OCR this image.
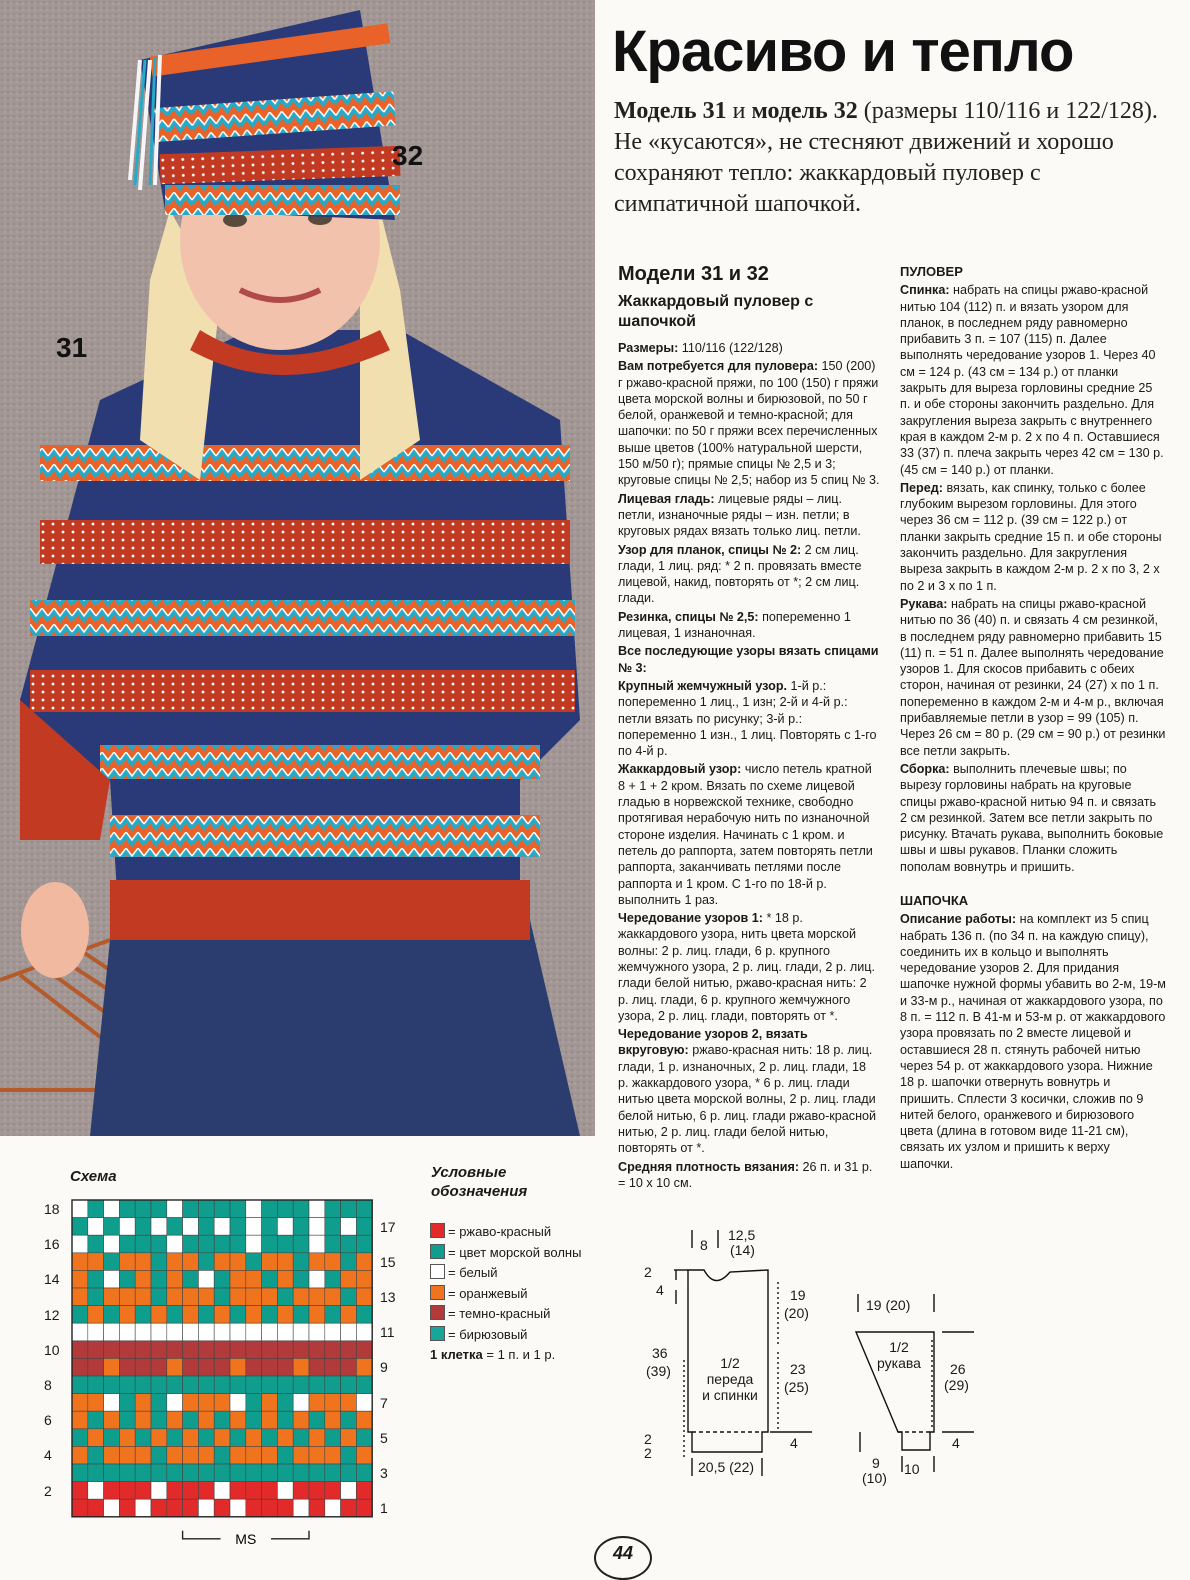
31
32
Красиво и тепло
Модель 31 и модель 32 (размеры 110/116 и 122/128). Не «кусаются», не стесняют движений и хорошо сохраняют тепло: жаккардовый пуловер с симпатичной шапочкой.

Модели 31 и 32

Жаккардовый пуловер с шапочкой

Размеры: 110/116 (122/128)

Вам потребуется для пуловера: 150 (200) г ржаво-красной пряжи, по 100 (150) г пряжи цвета морской волны и бирюзовой, по 50 г белой, оранжевой и темно-красной; для шапочки: по 50 г пряжи всех перечисленных выше цветов (100% натуральной шерсти, 150 м/50 г); прямые спицы № 2,5 и 3; круговые спицы № 2,5; набор из 5 спиц № 3.

Лицевая гладь: лицевые ряды – лиц. петли, изнаночные ряды – изн. петли; в круговых рядах вязать только лиц. петли.

Узор для планок, спицы № 2: 2 см лиц. глади, 1 лиц. ряд: * 2 п. провязать вместе лицевой, накид, повторять от *; 2 см лиц. глади.

Резинка, спицы № 2,5: попеременно 1 лицевая, 1 изнаночная.

Все последующие узоры вязать спицами № 3:

Крупный жемчужный узор. 1-й р.: попеременно 1 лиц., 1 изн; 2-й и 4-й р.: петли вязать по рисунку; 3-й р.: попеременно 1 изн., 1 лиц. Повторять с 1-го по 4-й р.

Жаккардовый узор: число петель кратной 8 + 1 + 2 кром. Вязать по схеме лицевой гладью в норвежской технике, свободно протягивая нерабочую нить по изнаночной стороне изделия. Начинать с 1 кром. и петель до раппорта, затем повторять петли раппорта, заканчивать петлями после раппорта и 1 кром. С 1-го по 18-й р. выполнить 1 раз.

Чередование узоров 1: * 18 р. жаккардового узора, нить цвета морской волны: 2 р. лиц. глади, 6 р. крупного жемчужного узора, 2 р. лиц. глади, 2 р. лиц. глади белой нитью, ржаво-красная нить: 2 р. лиц. глади, 6 р. крупного жемчужного узора, 2 р. лиц. глади, повторять от *.

Чередование узоров 2, вязать вкруговую: ржаво-красная нить: 18 р. лиц. глади, 1 р. изнаночных, 2 р. лиц. глади, 18 р. жаккардового узора, * 6 р. лиц. глади нитью цвета морской волны, 2 р. лиц. глади белой нитью, 6 р. лиц. глади ржаво-красной нитью, 2 р. лиц. глади белой нитью, повторять от *.

Средняя плотность вязания: 26 п. и 31 р. = 10 х 10 см.

ПУЛОВЕР

Спинка: набрать на спицы ржаво-красной нитью 104 (112) п. и вязать узором для планок, в последнем ряду равномерно прибавить 3 п. = 107 (115) п. Далее выполнять чередование узоров 1. Через 40 см = 124 р. (43 см = 134 р.) от планки закрыть для выреза горловины средние 25 п. и обе стороны закончить раздельно. Для закругления выреза закрыть с внутреннего края в каждом 2-м р. 2 х по 4 п. Оставшиеся 33 (37) п. плеча закрыть через 42 см = 130 р. (45 см = 140 р.) от планки.

Перед: вязать, как спинку, только с более глубоким вырезом горловины. Для этого через 36 см = 112 р. (39 см = 122 р.) от планки закрыть средние 15 п. и обе стороны закончить раздельно. Для закругления выреза закрыть в каждом 2-м р. 2 х по 3, 2 х по 2 и 3 х по 1 п.

Рукава: набрать на спицы ржаво-красной нитью по 36 (40) п. и связать 4 см резинкой, в последнем ряду равномерно прибавить 15 (11) п. = 51 п. Далее выполнять чередование узоров 1. Для скосов прибавить с обеих сторон, начиная от резинки, 24 (27) х по 1 п. попеременно в каждом 2-м и 4-м р., включая прибавляемые петли в узор = 99 (105) п. Через 26 см = 80 р. (29 см = 90 р.) от резинки все петли закрыть.

Сборка: выполнить плечевые швы; по вырезу горловины набрать на круговые спицы ржаво-красной нитью 94 п. и связать 2 см резинкой. Затем все петли закрыть по рисунку. Втачать рукава, выполнить боковые швы и швы рукавов. Планки сложить пополам вовнутрь и пришить.

ШАПОЧКА

Описание работы: на комплект из 5 спиц набрать 136 п. (по 34 п. на каждую спицу), соединить их в кольцо и выполнять чередование узоров 2. Для придания шапочке нужной формы убавить во 2-м, 19-м и 33-м р., начиная от жаккардового узора, по 8 п. = 112 п. В 41-м и 53-м р. от жаккардового узора провязать по 2 вместе лицевой и оставшиеся 28 п. стянуть рабочей нитью через 54 р. от жаккардового узора. Нижние 18 р. шапочки отвернуть вовнутрь и пришить. Сплести 3 косички, сложив по 9 нитей белого, оранжевого и бирюзового цвета (длина в готовом виде 11-21 см), связать их узлом и пришить к верху шапочки.

Схема
MS
18
16
14
12
10
8
6
4
2
17
15
13
11
9
7
5
3
1
Условные обозначения
= ржаво-красный
= цвет морской волны
= белый
= оранжевый
= темно-красный
= бирюзовый
1 клетка = 1 п. и 1 р.
8
12,5
(14)
2
4	19
(20)
36
(39)	1/2
переда
и спинки
23
(25)
4
2
2
20,5 (22)
19 (20)
1/2
рукава 26
(29)
4
9
(10)
10
44
